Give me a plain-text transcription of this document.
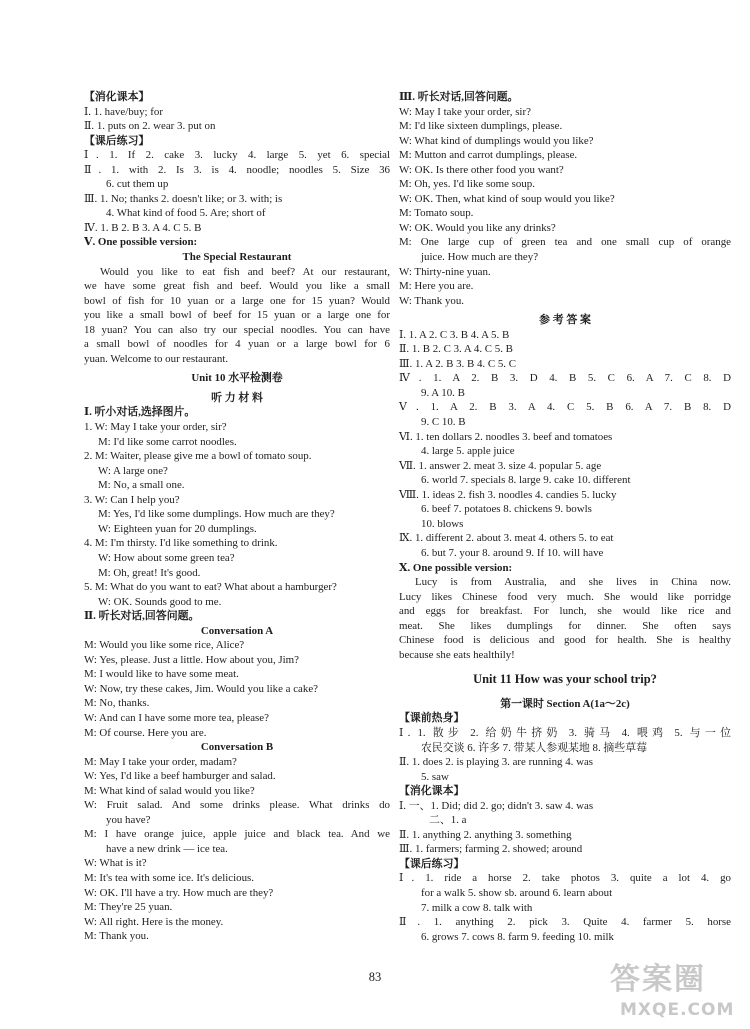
【消化课本】
Ⅰ. 1. have/buy; for
Ⅱ. 1. puts on 2. wear 3. put on
【课后练习】
Ⅰ. 1. If 2. cake 3. lucky 4. large 5. yet 6. special
Ⅱ. 1. with 2. Is 3. is 4. noodle; noodles 5. Size 36
6. cut them up
Ⅲ. 1. No; thanks 2. doesn't like; or 3. with; is
4. What kind of food 5. Are; short of
Ⅳ. 1. B 2. B 3. A 4. C 5. B
Ⅴ. One possible version:
The Special Restaurant
Would you like to eat fish and beef? At our restaurant,
we have some great fish and beef. Would you like a small
bowl of fish for 10 yuan or a large one for 15 yuan? Would
you like a small bowl of beef for 15 yuan or a large one for
18 yuan? You can also try our special noodles. You can have
a small bowl of noodles for 4 yuan or a large bowl for 6
yuan. Welcome to our restaurant.
Unit 10 水平检测卷
听 力 材 料
Ⅰ. 听小对话,选择图片。
1. W: May I take your order, sir?
M: I'd like some carrot noodles.
2. M: Waiter, please give me a bowl of tomato soup.
W: A large one?
M: No, a small one.
3. W: Can I help you?
M: Yes, I'd like some dumplings. How much are they?
W: Eighteen yuan for 20 dumplings.
4. M: I'm thirsty. I'd like something to drink.
W: How about some green tea?
M: Oh, great! It's good.
5. M: What do you want to eat? What about a hamburger?
W: OK. Sounds good to me.
Ⅱ. 听长对话,回答问题。
Conversation A
M: Would you like some rice, Alice?
W: Yes, please. Just a little. How about you, Jim?
M: I would like to have some meat.
W: Now, try these cakes, Jim. Would you like a cake?
M: No, thanks.
W: And can I have some more tea, please?
M: Of course. Here you are.
Conversation B
M: May I take your order, madam?
W: Yes, I'd like a beef hamburger and salad.
M: What kind of salad would you like?
W: Fruit salad. And some drinks please. What drinks do
you have?
M: I have orange juice, apple juice and black tea. And we
have a new drink — ice tea.
W: What is it?
M: It's tea with some ice. It's delicious.
W: OK. I'll have a try. How much are they?
M: They're 25 yuan.
W: All right. Here is the money.
M: Thank you.
Ⅲ. 听长对话,回答问题。
W: May I take your order, sir?
M: I'd like sixteen dumplings, please.
W: What kind of dumplings would you like?
M: Mutton and carrot dumplings, please.
W: OK. Is there other food you want?
M: Oh, yes. I'd like some soup.
W: OK. Then, what kind of soup would you like?
M: Tomato soup.
W: OK. Would you like any drinks?
M: One large cup of green tea and one small cup of orange
juice. How much are they?
W: Thirty-nine yuan.
M: Here you are.
W: Thank you.
参 考 答 案
Ⅰ. 1. A 2. C 3. B 4. A 5. B
Ⅱ. 1. B 2. C 3. A 4. C 5. B
Ⅲ. 1. A 2. B 3. B 4. C 5. C
Ⅳ. 1. A 2. B 3. D 4. B 5. C 6. A 7. C 8. D
9. A 10. B
Ⅴ. 1. A 2. B 3. A 4. C 5. B 6. A 7. B 8. D
9. C 10. B
Ⅵ. 1. ten dollars 2. noodles 3. beef and tomatoes
4. large 5. apple juice
Ⅶ. 1. answer 2. meat 3. size 4. popular 5. age
6. world 7. specials 8. large 9. cake 10. different
Ⅷ. 1. ideas 2. fish 3. noodles 4. candies 5. lucky
6. beef 7. potatoes 8. chickens 9. bowls
10. blows
Ⅸ. 1. different 2. about 3. meat 4. others 5. to eat
6. but 7. your 8. around 9. If 10. will have
Ⅹ. One possible version:
Lucy is from Australia, and she lives in China now.
Lucy likes Chinese food very much. She would like porridge
and eggs for breakfast. For lunch, she would like rice and
meat. She likes dumplings for dinner. She often says
Chinese food is delicious and good for health. She is healthy
because she eats healthily!
Unit 11 How was your school trip?
第一课时 Section A(1a～2c)
【课前热身】
Ⅰ. 1. 散步 2. 给奶牛挤奶 3. 骑马 4. 喂鸡 5. 与一位
农民交谈 6. 许多 7. 带某人参观某地 8. 摘些草莓
Ⅱ. 1. does 2. is playing 3. are running 4. was
5. saw
【消化课本】
Ⅰ. 一、1. Did; did 2. go; didn't 3. saw 4. was
二、1. a
Ⅱ. 1. anything 2. anything 3. something
Ⅲ. 1. farmers; farming 2. showed; around
【课后练习】
Ⅰ. 1. ride a horse 2. take photos 3. quite a lot 4. go
for a walk 5. show sb. around 6. learn about
7. milk a cow 8. talk with
Ⅱ. 1. anything 2. pick 3. Quite 4. farmer 5. horse
6. grows 7. cows 8. farm 9. feeding 10. milk
83	答案圈
MXQE.COM
